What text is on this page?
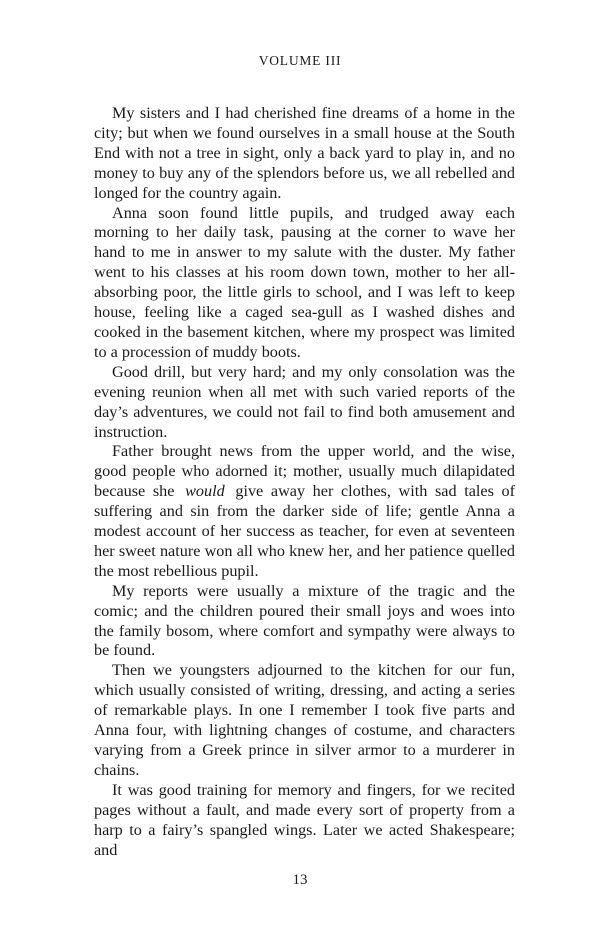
VOLUME III

My sisters and I had cherished fine dreams of a home in the city; but when we found ourselves in a small house at the South End with not a tree in sight, only a back yard to play in, and no money to buy any of the splendors before us, we all rebelled and longed for the country again.

Anna soon found little pupils, and trudged away each morning to her daily task, pausing at the corner to wave her hand to me in answer to my salute with the duster. My father went to his classes at his room down town, mother to her all-absorbing poor, the little girls to school, and I was left to keep house, feeling like a caged sea-gull as I washed dishes and cooked in the basement kitchen, where my prospect was limited to a procession of muddy boots.

Good drill, but very hard; and my only consolation was the evening reunion when all met with such varied reports of the day’s adventures, we could not fail to find both amusement and instruction.

Father brought news from the upper world, and the wise, good people who adorned it; mother, usually much dilapidated because she would give away her clothes, with sad tales of suffering and sin from the darker side of life; gentle Anna a modest account of her success as teacher, for even at seventeen her sweet nature won all who knew her, and her patience quelled the most rebellious pupil.

My reports were usually a mixture of the tragic and the comic; and the children poured their small joys and woes into the family bosom, where comfort and sympathy were always to be found.

Then we youngsters adjourned to the kitchen for our fun, which usually consisted of writing, dressing, and acting a series of remarkable plays. In one I remember I took five parts and Anna four, with lightning changes of costume, and characters varying from a Greek prince in silver armor to a murderer in chains.

It was good training for memory and fingers, for we recited pages without a fault, and made every sort of property from a harp to a fairy’s spangled wings. Later we acted Shakespeare; and

13
